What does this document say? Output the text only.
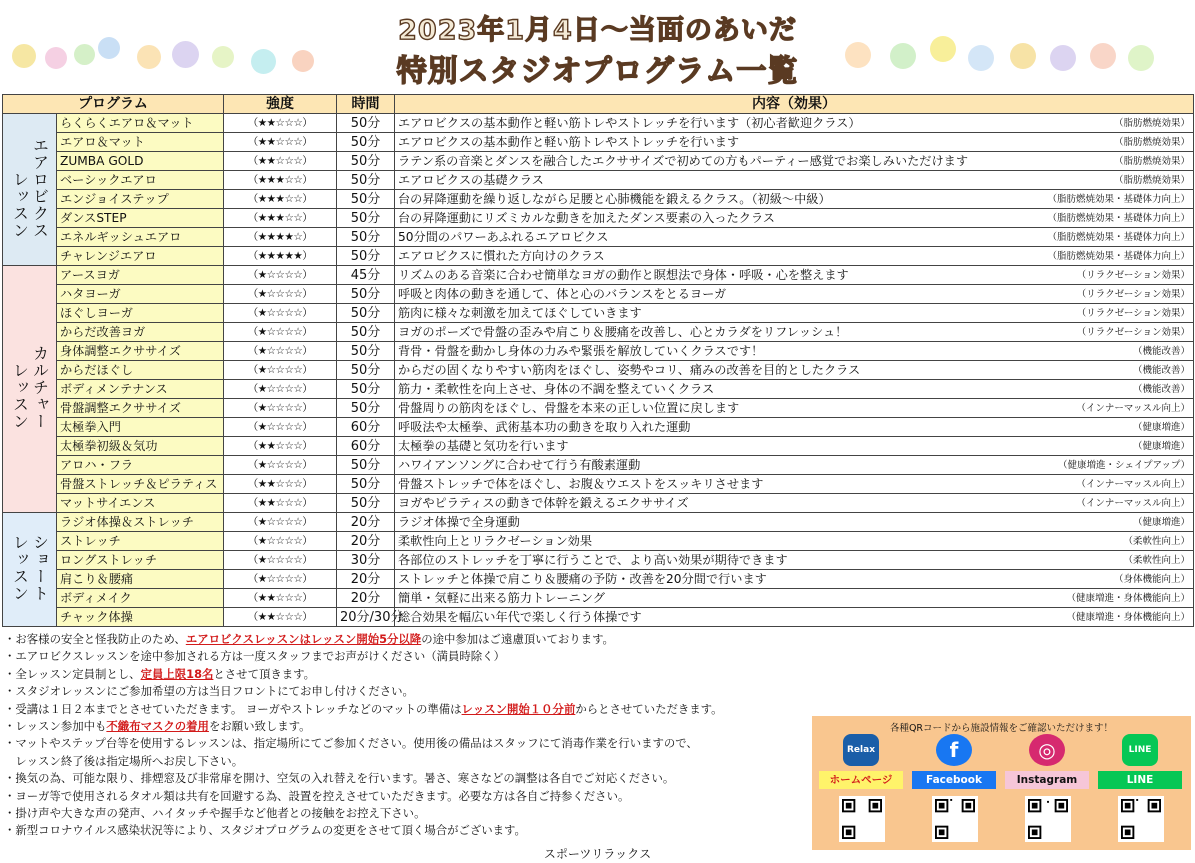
2023年1月4日～当面のあいだ
特別スタジオプログラム一覧
プログラム		強度	時間	内容（効果）
レッスンエアロビクス	らくらくエアロ＆マット	（★★☆☆☆）	50分	エアロビクスの基本動作と軽い筋トレやストレッチを行います（初心者歓迎クラス） （脂肪燃焼効果）

	エアロ＆マット	（★★☆☆☆）	50分	エアロビクスの基本動作と軽い筋トレやストレッチを行います （脂肪燃焼効果）

	ZUMBA GOLD	（★★☆☆☆）	50分	ラテン系の音楽とダンスを融合したエクササイズで初めての方もパーティー感覚でお楽しみいただけます （脂肪燃焼効果）

	ベーシックエアロ	（★★★☆☆）	50分	エアロビクスの基礎クラス （脂肪燃焼効果）

	エンジョイステップ	（★★★☆☆）	50分	台の昇降運動を繰り返しながら足腰と心肺機能を鍛えるクラス。（初級～中級） （脂肪燃焼効果・基礎体力向上）

	ダンスSTEP	（★★★☆☆）	50分	台の昇降運動にリズミカルな動きを加えたダンス要素の入ったクラス （脂肪燃焼効果・基礎体力向上）

	エネルギッシュエアロ	（★★★★☆）	50分	50分間のパワーあふれるエアロビクス （脂肪燃焼効果・基礎体力向上）

	チャレンジエアロ	（★★★★★）	50分	エアロビクスに慣れた方向けのクラス （脂肪燃焼効果・基礎体力向上）

レッスンカルチャー	アースヨガ	（★☆☆☆☆）	45分	リズムのある音楽に合わせ簡単なヨガの動作と瞑想法で身体・呼吸・心を整えます （リラクゼーション効果）

	ハタヨーガ	（★☆☆☆☆）	50分	呼吸と肉体の動きを通して、体と心のバランスをとるヨーガ （リラクゼーション効果）

	ほぐしヨーガ	（★☆☆☆☆）	50分	筋肉に様々な刺激を加えてほぐしていきます （リラクゼーション効果）

	からだ改善ヨガ	（★☆☆☆☆）	50分	ヨガのポーズで骨盤の歪みや肩こり＆腰痛を改善し、心とカラダをリフレッシュ！ （リラクゼーション効果）

	身体調整エクササイズ	（★☆☆☆☆）	50分	背骨・骨盤を動かし身体の力みや緊張を解放していくクラスです！ （機能改善）

	からだほぐし	（★☆☆☆☆）	50分	からだの固くなりやすい筋肉をほぐし、姿勢やコリ、痛みの改善を目的としたクラス （機能改善）

	ボディメンテナンス	（★☆☆☆☆）	50分	筋力・柔軟性を向上させ、身体の不調を整えていくクラス （機能改善）

	骨盤調整エクササイズ	（★☆☆☆☆）	50分	骨盤周りの筋肉をほぐし、骨盤を本来の正しい位置に戻します （インナーマッスル向上）

	太極拳入門	（★☆☆☆☆）	60分	呼吸法や太極拳、武術基本功の動きを取り入れた運動 （健康増進）

	太極拳初級＆気功	（★★☆☆☆）	60分	太極拳の基礎と気功を行います （健康増進）

	アロハ・フラ	（★☆☆☆☆）	50分	ハワイアンソングに合わせて行う有酸素運動 （健康増進・シェイプアップ）

	骨盤ストレッチ＆ピラティス	（★★☆☆☆）	50分	骨盤ストレッチで体をほぐし、お腹＆ウエストをスッキリさせます （インナーマッスル向上）

	マットサイエンス	（★★☆☆☆）	50分	ヨガやピラティスの動きで体幹を鍛えるエクササイズ （インナーマッスル向上）

レッスンショート	ラジオ体操＆ストレッチ	（★☆☆☆☆）	20分	ラジオ体操で全身運動 （健康増進）

	ストレッチ	（★☆☆☆☆）	20分	柔軟性向上とリラクゼーション効果 （柔軟性向上）

	ロングストレッチ	（★☆☆☆☆）	30分	各部位のストレッチを丁寧に行うことで、より高い効果が期待できます （柔軟性向上）

	肩こり＆腰痛	（★☆☆☆☆）	20分	ストレッチと体操で肩こり＆腰痛の予防・改善を20分間で行います （身体機能向上）

	ボディメイク	（★★☆☆☆）	20分	簡単・気軽に出来る筋力トレーニング （健康増進・身体機能向上）

	チャック体操	（★★☆☆☆）	20分/30分	総合効果を幅広い年代で楽しく行う体操です （健康増進・身体機能向上）
・お客様の安全と怪我防止のため、エアロビクスレッスンはレッスン開始5分以降の途中参加はご遠慮頂いております。
・エアロビクスレッスンを途中参加される方は一度スタッフまでお声がけください（満員時除く）
・全レッスン定員制とし、定員上限18名とさせて頂きます。
・スタジオレッスンにご参加希望の方は当日フロントにてお申し付けください。
・受講は１日２本までとさせていただきます。 ヨーガやストレッチなどのマットの準備はレッスン開始１０分前からとさせていただきます。
・レッスン参加中も不織布マスクの着用をお願い致します。
・マットやステップ台等を使用するレッスンは、指定場所にてご参加ください。使用後の備品はスタッフにて消毒作業を行いますので、
　レッスン終了後は指定場所へお戻し下さい。
・換気の為、可能な限り、排煙窓及び非常扉を開け、空気の入れ替えを行います。暑さ、寒さなどの調整は各自でご対応ください。
・ヨーガ等で使用されるタオル類は共有を回避する為、設置を控えさせていただきます。必要な方は各自ご持参ください。
・掛け声や大きな声の発声、ハイタッチや握手など他者との接触をお控え下さい。
・新型コロナウイルス感染状況等により、スタジオプログラムの変更をさせて頂く場合がございます。
各種QRコードから施設情報をご確認いただけます！
Relax
ホームページ
f
Facebook
◎
Instagram
LINE
LINE
スポーツリラックス
